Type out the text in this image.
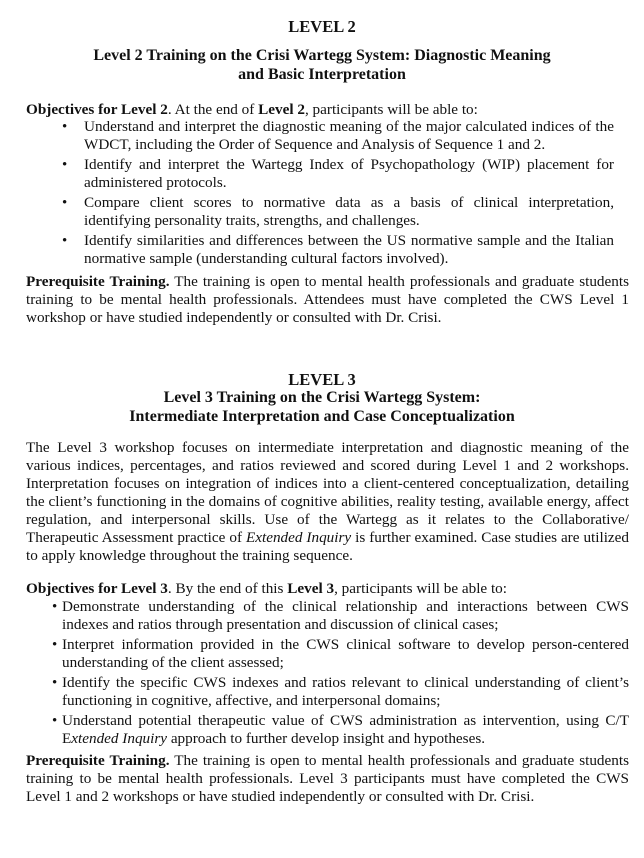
LEVEL 2
Level 2 Training on the Crisi Wartegg System: Diagnostic Meaning
and Basic Interpretation
Objectives for Level 2. At the end of Level 2, participants will be able to:
• Understand and interpret the diagnostic meaning of the major calculated indices of the WDCT, including the Order of Sequence and Analysis of Sequence 1 and 2.
• Identify and interpret the Wartegg Index of Psychopathology (WIP) placement for administered protocols.
• Compare client scores to normative data as a basis of clinical interpretation, identifying personality traits, strengths, and challenges.
• Identify similarities and differences between the US normative sample and the Italian normative sample (understanding cultural factors involved).
Prerequisite Training. The training is open to mental health professionals and graduate students training to be mental health professionals. Attendees must have completed the CWS Level 1 workshop or have studied independently or consulted with Dr. Crisi.
LEVEL 3
Level 3 Training on the Crisi Wartegg System:
Intermediate Interpretation and Case Conceptualization
The Level 3 workshop focuses on intermediate interpretation and diagnostic meaning of the various indices, percentages, and ratios reviewed and scored during Level 1 and 2 workshops. Interpretation focuses on integration of indices into a client-centered conceptualization, detailing the client’s functioning in the domains of cognitive abilities, reality testing, available energy, affect regulation, and interpersonal skills. Use of the Wartegg as it relates to the Collaborative/ Therapeutic Assessment practice of Extended Inquiry is further examined. Case studies are utilized to apply knowledge throughout the training sequence.
Objectives for Level 3. By the end of this Level 3, participants will be able to:
• Demonstrate understanding of the clinical relationship and interactions between CWS indexes and ratios through presentation and discussion of clinical cases;
• Interpret information provided in the CWS clinical software to develop person-centered understanding of the client assessed;
• Identify the specific CWS indexes and ratios relevant to clinical understanding of client’s functioning in cognitive, affective, and interpersonal domains;
• Understand potential therapeutic value of CWS administration as intervention, using C/T Extended Inquiry approach to further develop insight and hypotheses.
Prerequisite Training. The training is open to mental health professionals and graduate students training to be mental health professionals. Level 3 participants must have completed the CWS Level 1 and 2 workshops or have studied independently or consulted with Dr. Crisi.
